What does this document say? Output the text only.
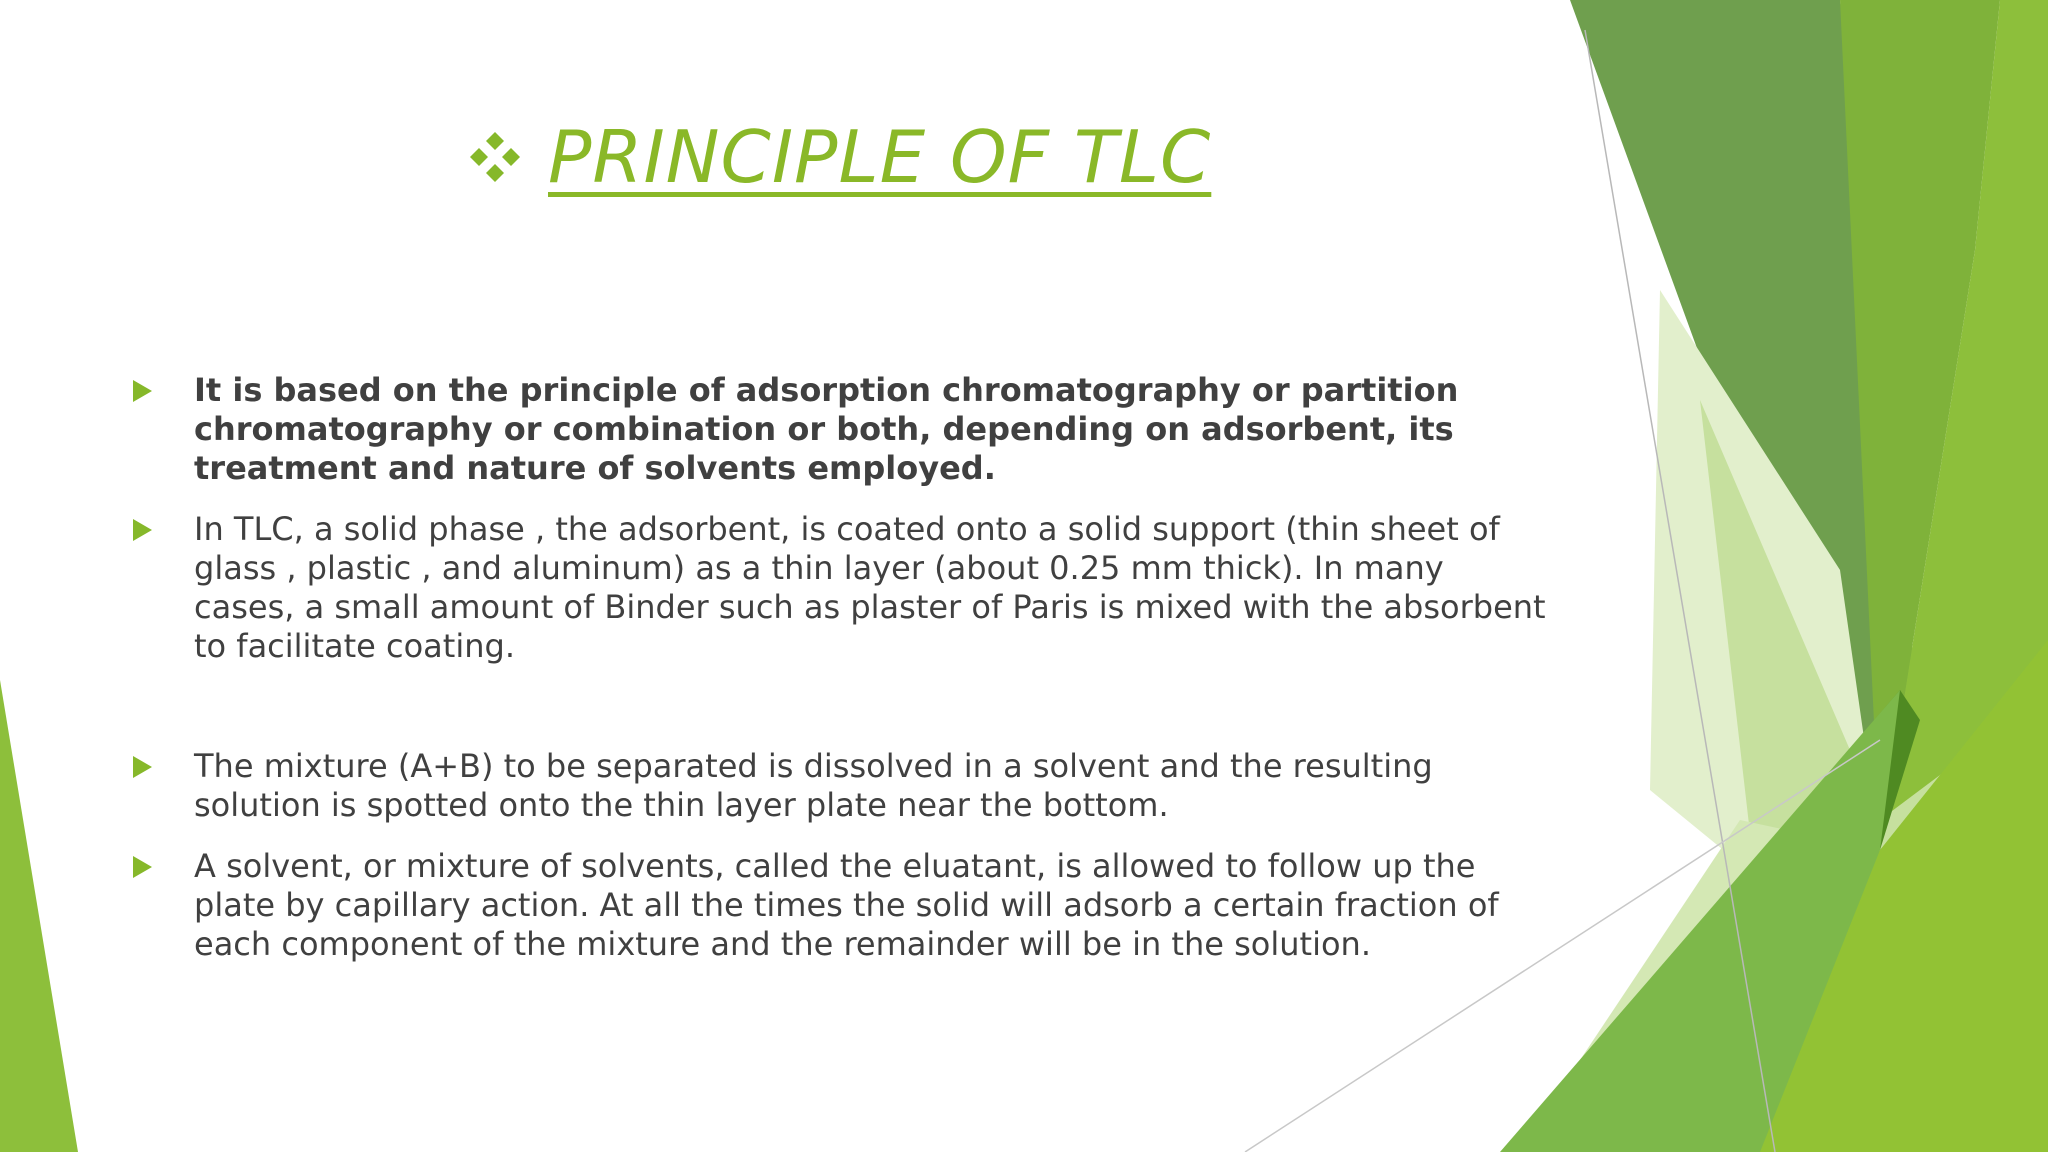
PRINCIPLE OF TLC
It is based on the principle of adsorption chromatography or partition chromatography or combination or both, depending on adsorbent, its treatment and nature of solvents employed.
In TLC, a solid phase , the adsorbent, is coated onto a solid support (thin sheet of glass , plastic , and aluminum) as a thin layer (about 0.25 mm thick). In many cases, a small amount of Binder such as plaster of Paris is mixed with the absorbent to facilitate coating.
The mixture (A+B) to be separated is dissolved in a solvent and the resulting solution is spotted onto the thin layer plate near the bottom.
A solvent, or mixture of solvents, called the eluatant, is allowed to follow up the plate by capillary action. At all the times the solid will adsorb a certain fraction of each component of the mixture and the remainder will be in the solution.
